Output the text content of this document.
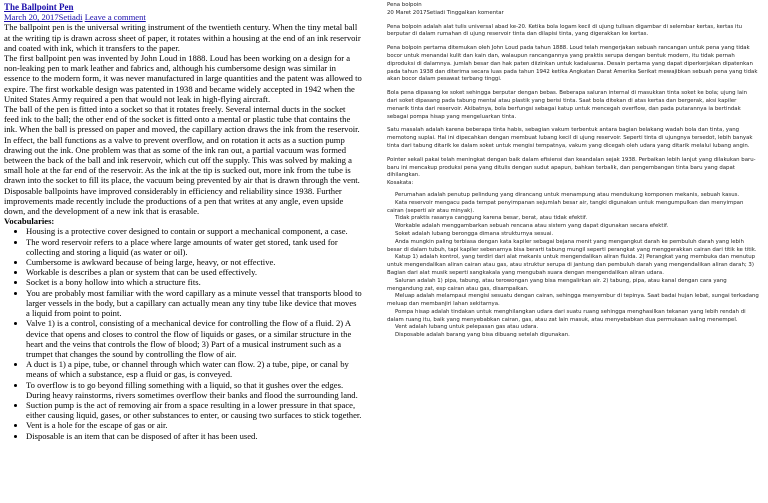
The Ballpoint Pen

March 20, 2017Setiadi Leave a comment

The ballpoint pen is the universal writing instrument of the twentieth century. When the tiny metal ball at the writing tip is drawn across sheet of paper, it rotates within a housing at the end of an ink reservoir and coated with ink, which it transfers to the paper.

The first ballpoint pen was invented by John Loud in 1888. Loud has been working on a design for a non-leaking pen to mark leather and fabrics and, although his cumbersome design was similar in essence to the modern form, it was never manufactured in large quantities and the patent was allowed to expire. The first workable design was patented in 1938 and became widely accepted in 1942 when the United States Army required a pen that would not leak in high-flying aircraft.

The ball of the pen is fitted into a socket so that it rotates freely. Several internal ducts in the socket feed ink to the ball; the other end of the socket is fitted onto a mental or plastic tube that contains the ink. When the ball is pressed on paper and moved, the capillary action draws the ink from the reservoir. In effect, the ball functions as a valve to prevent overflow, and on rotation it acts as a suction pump drawing out the ink. One problem was that as some of the ink ran out, a partial vacuum was formed between the back of the ball and ink reservoir, which cut off the supply. This was solved by making a small hole at the far end of the reservoir. As the ink at the tip is sucked out, more ink from the tube is drawn into the socket to fill its place, the vacuum being prevented by air that is drawn through the vent.

Disposable ballpoints have improved considerably in efficiency and reliability since 1938. Further improvements made recently include the productions of a pen that writes at any angle, even upside down, and the development of a new ink that is erasable.

Vocabularies:

• Housing is a protective cover designed to contain or support a mechanical component, a case.
• The word reservoir refers to a place where large amounts of water get stored, tank used for collecting and storing a liquid (as water or oil).
• Cumbersome is awkward because of being large, heavy, or not effective.
• Workable is describes a plan or system that can be used effectively.
• Socket is a bony hollow into which a structure fits.
• You are probably most familiar with the word capillary as a minute vessel that transports blood to larger vessels in the body, but a capillary can actually mean any tiny tube like device that moves a liquid from point to point.
• Valve 1) is a control, consisting of a mechanical device for controlling the flow of a fluid. 2) A device that opens and closes to control the flow of liquids or gases, or a similar structure in the heart and the veins that controls the flow of blood; 3) Part of a musical instrument such as a trumpet that changes the sound by controlling the flow of air.
• A duct is 1) a pipe, tube, or channel through which water can flow. 2) a tube, pipe, or canal by means of which a substance, esp a fluid or gas, is conveyed.
• To overflow is to go beyond filling something with a liquid, so that it gushes over the edges. During heavy rainstorms, rivers sometimes overflow their banks and flood the surrounding land.
• Suction pump is the act of removing air from a space resulting in a lower pressure in that space, either causing liquid, gases, or other substances to enter, or causing two surfaces to stick together.
• Vent is a hole for the escape of gas or air.
• Disposable is an item that can be disposed of after it has been used.

Pena bolpoin
20 Maret 2017Setiadi Tinggalkan komentar

Pena bolpoin adalah alat tulis universal abad ke-20. Ketika bola logam kecil di ujung tulisan digambar di selembar kertas, kertas itu berputar di dalam rumahan di ujung reservoir tinta dan dilapisi tinta, yang digerakkan ke kertas.

Pena bolpoin pertama ditemukan oleh John Loud pada tahun 1888. Loud telah mengerjakan sebuah rancangan untuk pena yang tidak bocor untuk menandai kulit dan kain dan, walaupun rancangannya yang praktis serupa dengan bentuk modern, itu tidak pernah diproduksi di dalamnya. jumlah besar dan hak paten diizinkan untuk kadaluarsa. Desain pertama yang dapat diperkerjakan dipatenkan pada tahun 1938 dan diterima secara luas pada tahun 1942 ketika Angkatan Darat Amerika Serikat mewajibkan sebuah pena yang tidak akan bocor dalam pesawat terbang tinggi.

Bola pena dipasang ke soket sehingga berputar dengan bebas. Beberapa saluran internal di masukkan tinta soket ke bola; ujung lain dari soket dipasang pada tabung mental atau plastik yang berisi tinta. Saat bola ditekan di atas kertas dan bergerak, aksi kapiler menarik tinta dari reservoir. Akibatnya, bola berfungsi sebagai katup untuk mencegah overflow, dan pada putarannya ia bertindak sebagai pompa hisap yang mengeluarkan tinta.

Satu masalah adalah karena beberapa tinta habis, sebagian vakum terbentuk antara bagian belakang wadah bola dan tinta, yang memotong suplai. Hal ini dipecahkan dengan membuat lubang kecil di ujung reservoir. Seperti tinta di ujungnya tersedot, lebih banyak tinta dari tabung ditarik ke dalam soket untuk mengisi tempatnya, vakum yang dicegah oleh udara yang ditarik melalui lubang angin.

Pointer sekali pakai telah meningkat dengan baik dalam efisiensi dan keandalan sejak 1938. Perbaikan lebih lanjut yang dilakukan baru-baru ini mencakup produksi pena yang ditulis dengan sudut apapun, bahkan terbalik, dan pengembangan tinta baru yang dapat dihilangkan.

Kosakata:

Perumahan adalah penutup pelindung yang dirancang untuk menampung atau mendukung komponen mekanis, sebuah kasus.

Kata reservoir mengacu pada tempat penyimpanan sejumlah besar air, tangki digunakan untuk mengumpulkan dan menyimpan cairan (seperti air atau minyak).

Tidak praktis rasanya canggung karena besar, berat, atau tidak efektif.

Workable adalah menggambarkan sebuah rencana atau sistem yang dapat digunakan secara efektif.

Soket adalah lubang berongga dimana strukturnya sesuai.

Anda mungkin paling terbiasa dengan kata kapiler sebagai bejana menit yang mengangkut darah ke pembuluh darah yang lebih besar di dalam tubuh, tapi kapiler sebenarnya bisa berarti tabung mungil seperti perangkat yang menggerakkan cairan dari titik ke titik.

Katup 1) adalah kontrol, yang terdiri dari alat mekanis untuk mengendalikan aliran fluida. 2) Perangkat yang membuka dan menutup untuk mengendalikan aliran cairan atau gas, atau struktur serupa di jantung dan pembuluh darah yang mengendalikan aliran darah; 3) Bagian dari alat musik seperti sangkakala yang mengubah suara dengan mengendalikan aliran udara.

Saluran adalah 1) pipa, tabung, atau terowongan yang bisa mengalirkan air. 2) tabung, pipa, atau kanal dengan cara yang mengandung zat, esp cairan atau gas, disampaikan.

Meluap adalah melampaui mengisi sesuatu dengan cairan, sehingga menyembur di tepinya. Saat badai hujan lebat, sungai terkadang meluap dan membanjiri lahan sekitarnya.

Pompa hisap adalah tindakan untuk menghilangkan udara dari suatu ruang sehingga menghasilkan tekanan yang lebih rendah di dalam ruang itu, baik yang menyebabkan cairan, gas, atau zat lain masuk, atau menyebabkan dua permukaan saling menempel.

Vent adalah lubang untuk pelepasan gas atau udara.

Disposable adalah barang yang bisa dibuang setelah digunakan.
